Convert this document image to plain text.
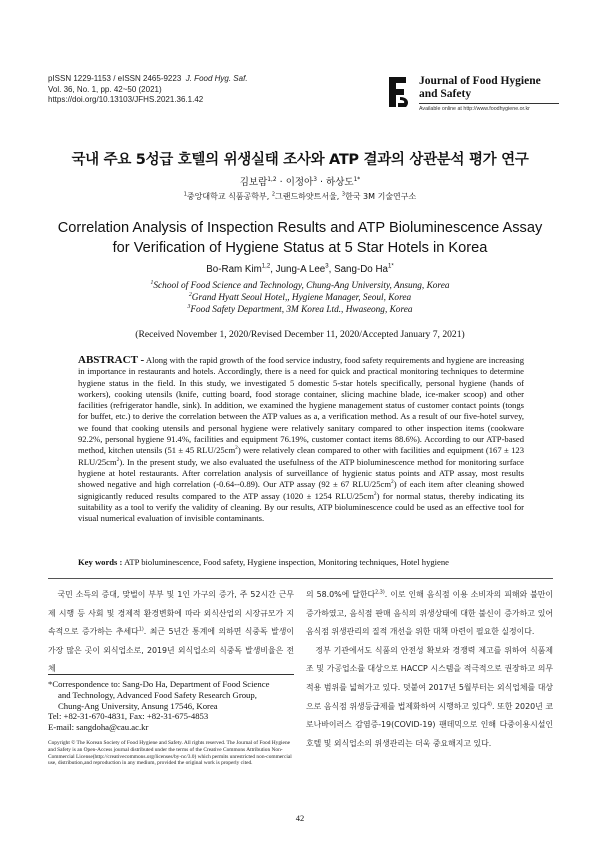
pISSN 1229-1153 / eISSN 2465-9223 J. Food Hyg. Saf.
Vol. 36, No. 1, pp. 42~50 (2021)
https://doi.org/10.13103/JFHS.2021.36.1.42
Journal of Food Hygiene
and Safety
Available online at http://www.foodhygiene.or.kr
국내 주요 5성급 호텔의 위생실태 조사와 ATP 결과의 상관분석 평가 연구
김보람$^{1,2}$ · 이정아$^3$ · 하상도$^{1*}$
$^1$중앙대학교 식품공학부, $^2$그랜드하얏트서울, $^3$한국 3M 기술연구소
Correlation Analysis of Inspection Results and ATP Bioluminescence Assay
for Verification of Hygiene Status at 5 Star Hotels in Korea
Bo-Ram Kim$^{1,2}$, Jung-A Lee$^3$, Sang-Do $Ha^{1*}$
$^1$School of Food Science and Technology, Chung-Ang University, Ansung, Korea
$^2$Grand Hyatt Seoul Hotel,, Hygiene Manager, Seoul, Korea
$^3$Food Safety Department, 3M Korea Ltd., Hwaseong, Korea
(Received November 1, 2020/Revised December 11, 2020/Accepted January 7, 2021)
ABSTRACT - Along with the rapid growth of the food service industry, food safety requirements and hygiene are increasing in importance in restaurants and hotels. Accordingly, there is a need for quick and practical monitoring techniques to determine hygiene status in the field. In this study, we investigated 5 domestic 5-star hotels specifically, personal hygiene (hands of workers), cooking utensils (knife, cutting board, food storage container, slicing machine blade, ice-maker scoop) and other facilities (refrigerator handle, sink). In addition, we examined the hygiene management status of customer contact points (tongs for buffet, etc.) to derive the correlation between the ATP values as a, a verification method. As a result of our five-hotel survey, we found that cooking utensils and personal hygiene were relatively sanitary compared to other inspection items (cookware 92.2%, personal hygiene 91.4%, facilities and equipment 76.19%, customer contact items 88.6%). According to our ATP-based method, kitchen utensils (51 ± 45 RLU/$25cm^2$) were relatively clean compared to other with facilities and equipment (167 ± 123 RLU/$25cm^2$). In the present study, we also evaluated the usefulness of the ATP bioluminescence method for monitoring surface hygiene at hotel restaurants. After correlation analysis of surveillance of hygienic status points and ATP assay, most results showed negative and high correlation (-0.64--0.89). Our ATP assay (92 ± 67 RLU/$25cm^2$) of each item after cleaning showed signigicantly reduced results compared to the ATP assay (1020 ± 1254 RLU/$25cm^2$) for normal status, thereby indicating its suitability as a tool to verify the validity of cleaning. By our results, ATP bioluminescence could be used as an effective tool for visual numerical evaluation of invisible contaminants.
Key words : ATP bioluminescence, Food safety, Hygiene inspection, Monitoring techniques, Hotel hygiene
국민 소득의 증대, 맞벌이 부부 및 1인 가구의 증가, 주 52시간 근무제 시행 등 사회 및 경제적 환경변화에 따라 외식산업의 시장규모가 지속적으로 증가하는 추세다$^{1)}$. 최근 5년간 통계에 의하면 식중독 발생이 가장 많은 곳이 외식업소로, 2019년 외식업소의 식중독 발생비율은 전체
의 58.0%에 달한다$^{2,3)}$. 이로 인해 음식점 이용 소비자의 피해와 불만이 증가하였고, 음식점 판매 음식의 위생상태에 대한 불신이 증가하고 있어 음식점 위생관리의 질적 개선을 위한 대책 마련이 필요한 실정이다.
정부 기관에서도 식품의 안전성 확보와 경쟁력 제고를 위하여 식품제조 및 가공업소를 대상으로 HACCP 시스템을 적극적으로 권장하고 의무적용 범위를 넓혀가고 있다. 덧붙여 2017년 5월부터는 외식업체를 대상으로 음식점 위생등급제를 법제화하여 시행하고 있다$^{4)}$. 또한 2020년 코로나바이러스 감염증-19(COVID-19) 팬데믹으로 인해 다중이용시설인 호텔 및 외식업소의 위생관리는 더욱 중요해지고 있다.
*Correspondence to: Sang-Do Ha, Department of Food Science
and Technology, Advanced Food Safety Research Group,
Chung-Ang University, Ansung 17546, Korea
Tel: +82-31-670-4831, Fax: +82-31-675-4853
E-mail: sangdoha@cau.ac.kr
Copyright © The Korean Society of Food Hygiene and Safety. All rights reserved. The Journal of Food Hygiene and Safety is an Open-Access journal distributed under the terms of the Creative Commons Attribution Non-Commercial License(http://creativecommons.org/licenses/by-nc/3.0) which permits unrestricted non-commercial use, distribution,and reproduction in any medium, provided the original work is properly cited.
42
